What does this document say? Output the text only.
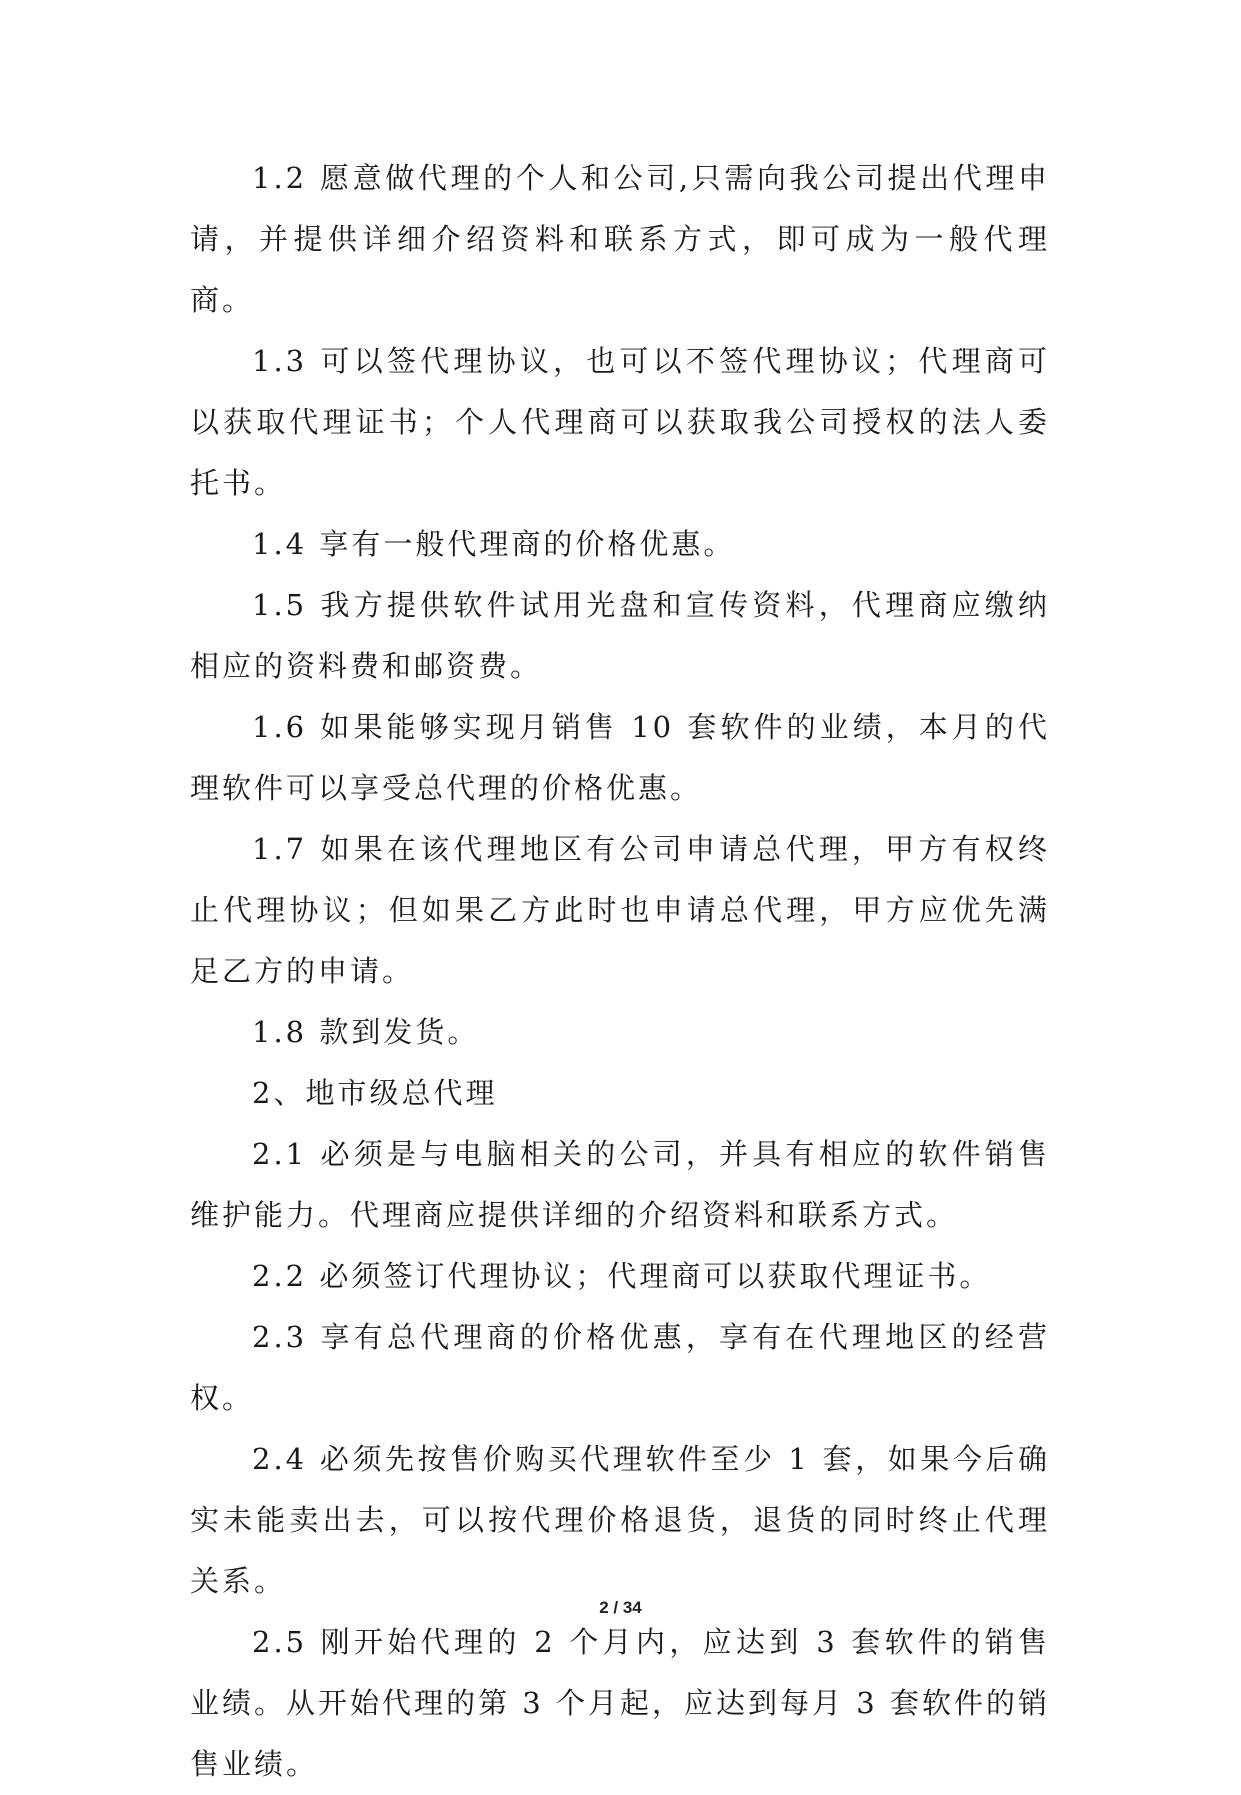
1.2 愿意做代理的个人和公司,只需向我公司提出代理申请，并提供详细介绍资料和联系方式，即可成为一般代理商。

1.3 可以签代理协议，也可以不签代理协议；代理商可以获取代理证书；个人代理商可以获取我公司授权的法人委托书。

1.4 享有一般代理商的价格优惠。

1.5 我方提供软件试用光盘和宣传资料，代理商应缴纳相应的资料费和邮资费。

1.6 如果能够实现月销售 10 套软件的业绩，本月的代理软件可以享受总代理的价格优惠。

1.7 如果在该代理地区有公司申请总代理，甲方有权终止代理协议；但如果乙方此时也申请总代理，甲方应优先满足乙方的申请。

1.8 款到发货。

2、地市级总代理

2.1 必须是与电脑相关的公司，并具有相应的软件销售维护能力。代理商应提供详细的介绍资料和联系方式。

2.2 必须签订代理协议；代理商可以获取代理证书。

2.3 享有总代理商的价格优惠，享有在代理地区的经营权。

2.4 必须先按售价购买代理软件至少 1 套，如果今后确实未能卖出去，可以按代理价格退货，退货的同时终止代理关系。

2.5 刚开始代理的 2 个月内，应达到 3 套软件的销售业绩。从开始代理的第 3 个月起，应达到每月 3 套软件的销售业绩。

2 / 34
